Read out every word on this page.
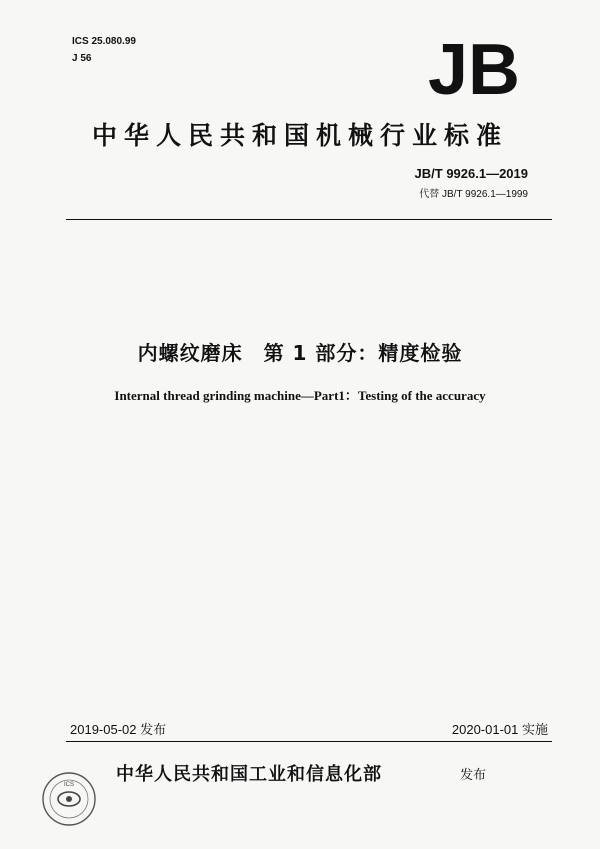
ICS 25.080.99
J 56	JB
中华人民共和国机械行业标准
JB/T 9926.1—2019
代替 JB/T 9926.1—1999
内螺纹磨床　第 1 部分：精度检验
Internal thread grinding machine—Part1：Testing of the accuracy
2019-05-02 发布	2020-01-01 实施
ICS 中华人民共和国工业和信息化部	发布
